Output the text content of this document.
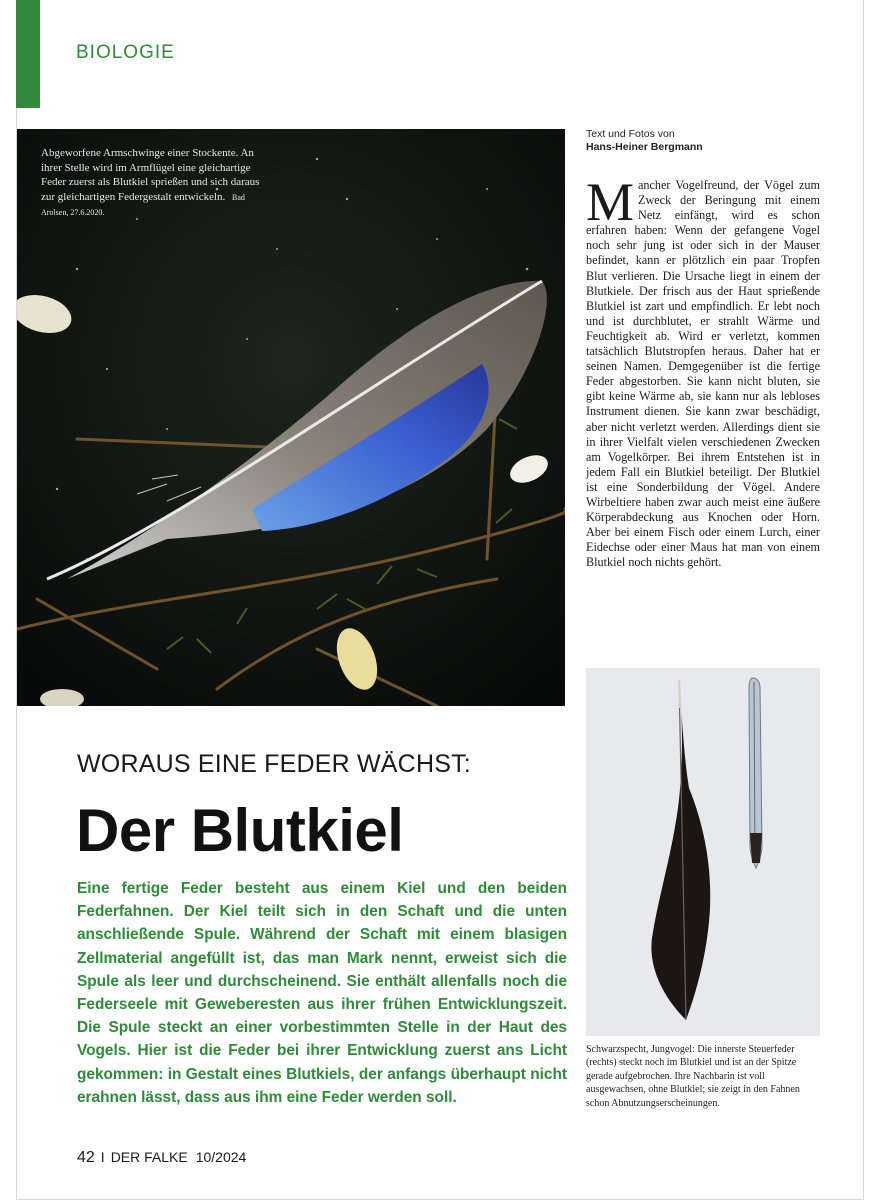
BIOLOGIE
Abgeworfene Armschwinge einer Stockente. An ihrer Stelle wird im Armflügel eine gleichartige Feder zuerst als Blutkiel sprießen und sich daraus zur gleichartigen Federgestalt entwickeln. Bad Arolsen, 27.6.2020.
Text und Fotos von
Hans-Heiner Bergmann
Mancher Vogelfreund, der Vögel zum Zweck der Beringung mit einem Netz einfängt, wird es schon erfahren haben: Wenn der gefangene Vogel noch sehr jung ist oder sich in der Mauser befindet, kann er plötzlich ein paar Tropfen Blut verlieren. Die Ursache liegt in einem der Blutkiele. Der frisch aus der Haut sprießende Blutkiel ist zart und empfindlich. Er lebt noch und ist durchblutet, er strahlt Wärme und Feuchtigkeit ab. Wird er verletzt, kommen tatsächlich Blutstropfen heraus. Daher hat er seinen Namen. Demgegenüber ist die fertige Feder abgestorben. Sie kann nicht bluten, sie gibt keine Wärme ab, sie kann nur als lebloses Instrument dienen. Sie kann zwar beschädigt, aber nicht verletzt werden. Allerdings dient sie in ihrer Vielfalt vielen verschiedenen Zwecken am Vogelkörper. Bei ihrem Entstehen ist in jedem Fall ein Blutkiel beteiligt. Der Blutkiel ist eine Sonderbildung der Vögel. Andere Wirbeltiere haben zwar auch meist eine äußere Körperabdeckung aus Knochen oder Horn. Aber bei einem Fisch oder einem Lurch, einer Eidechse oder einer Maus hat man von einem Blutkiel noch nichts gehört.
Schwarzspecht, Jungvogel: Die innerste Steuerfeder (rechts) steckt noch im Blutkiel und ist an der Spitze gerade aufgebrochen. Ihre Nachbarin ist voll ausgewachsen, ohne Blutkiel; sie zeigt in den Fahnen schon Abnutzungserscheinungen.
WORAUS EINE FEDER WÄCHST:
Der Blutkiel
Eine fertige Feder besteht aus einem Kiel und den beiden Federfahnen. Der Kiel teilt sich in den Schaft und die unten anschließende Spule. Während der Schaft mit einem blasigen Zellmaterial angefüllt ist, das man Mark nennt, erweist sich die Spule als leer und durchscheinend. Sie enthält allenfalls noch die Federseele mit Geweberesten aus ihrer frühen Entwicklungszeit. Die Spule steckt an einer vorbestimmten Stelle in der Haut des Vogels. Hier ist die Feder bei ihrer Entwicklung zuerst ans Licht gekommen: in Gestalt eines Blutkiels, der anfangs überhaupt nicht erahnen lässt, dass aus ihm eine Feder werden soll.
42 I DER FALKE 10/2024
